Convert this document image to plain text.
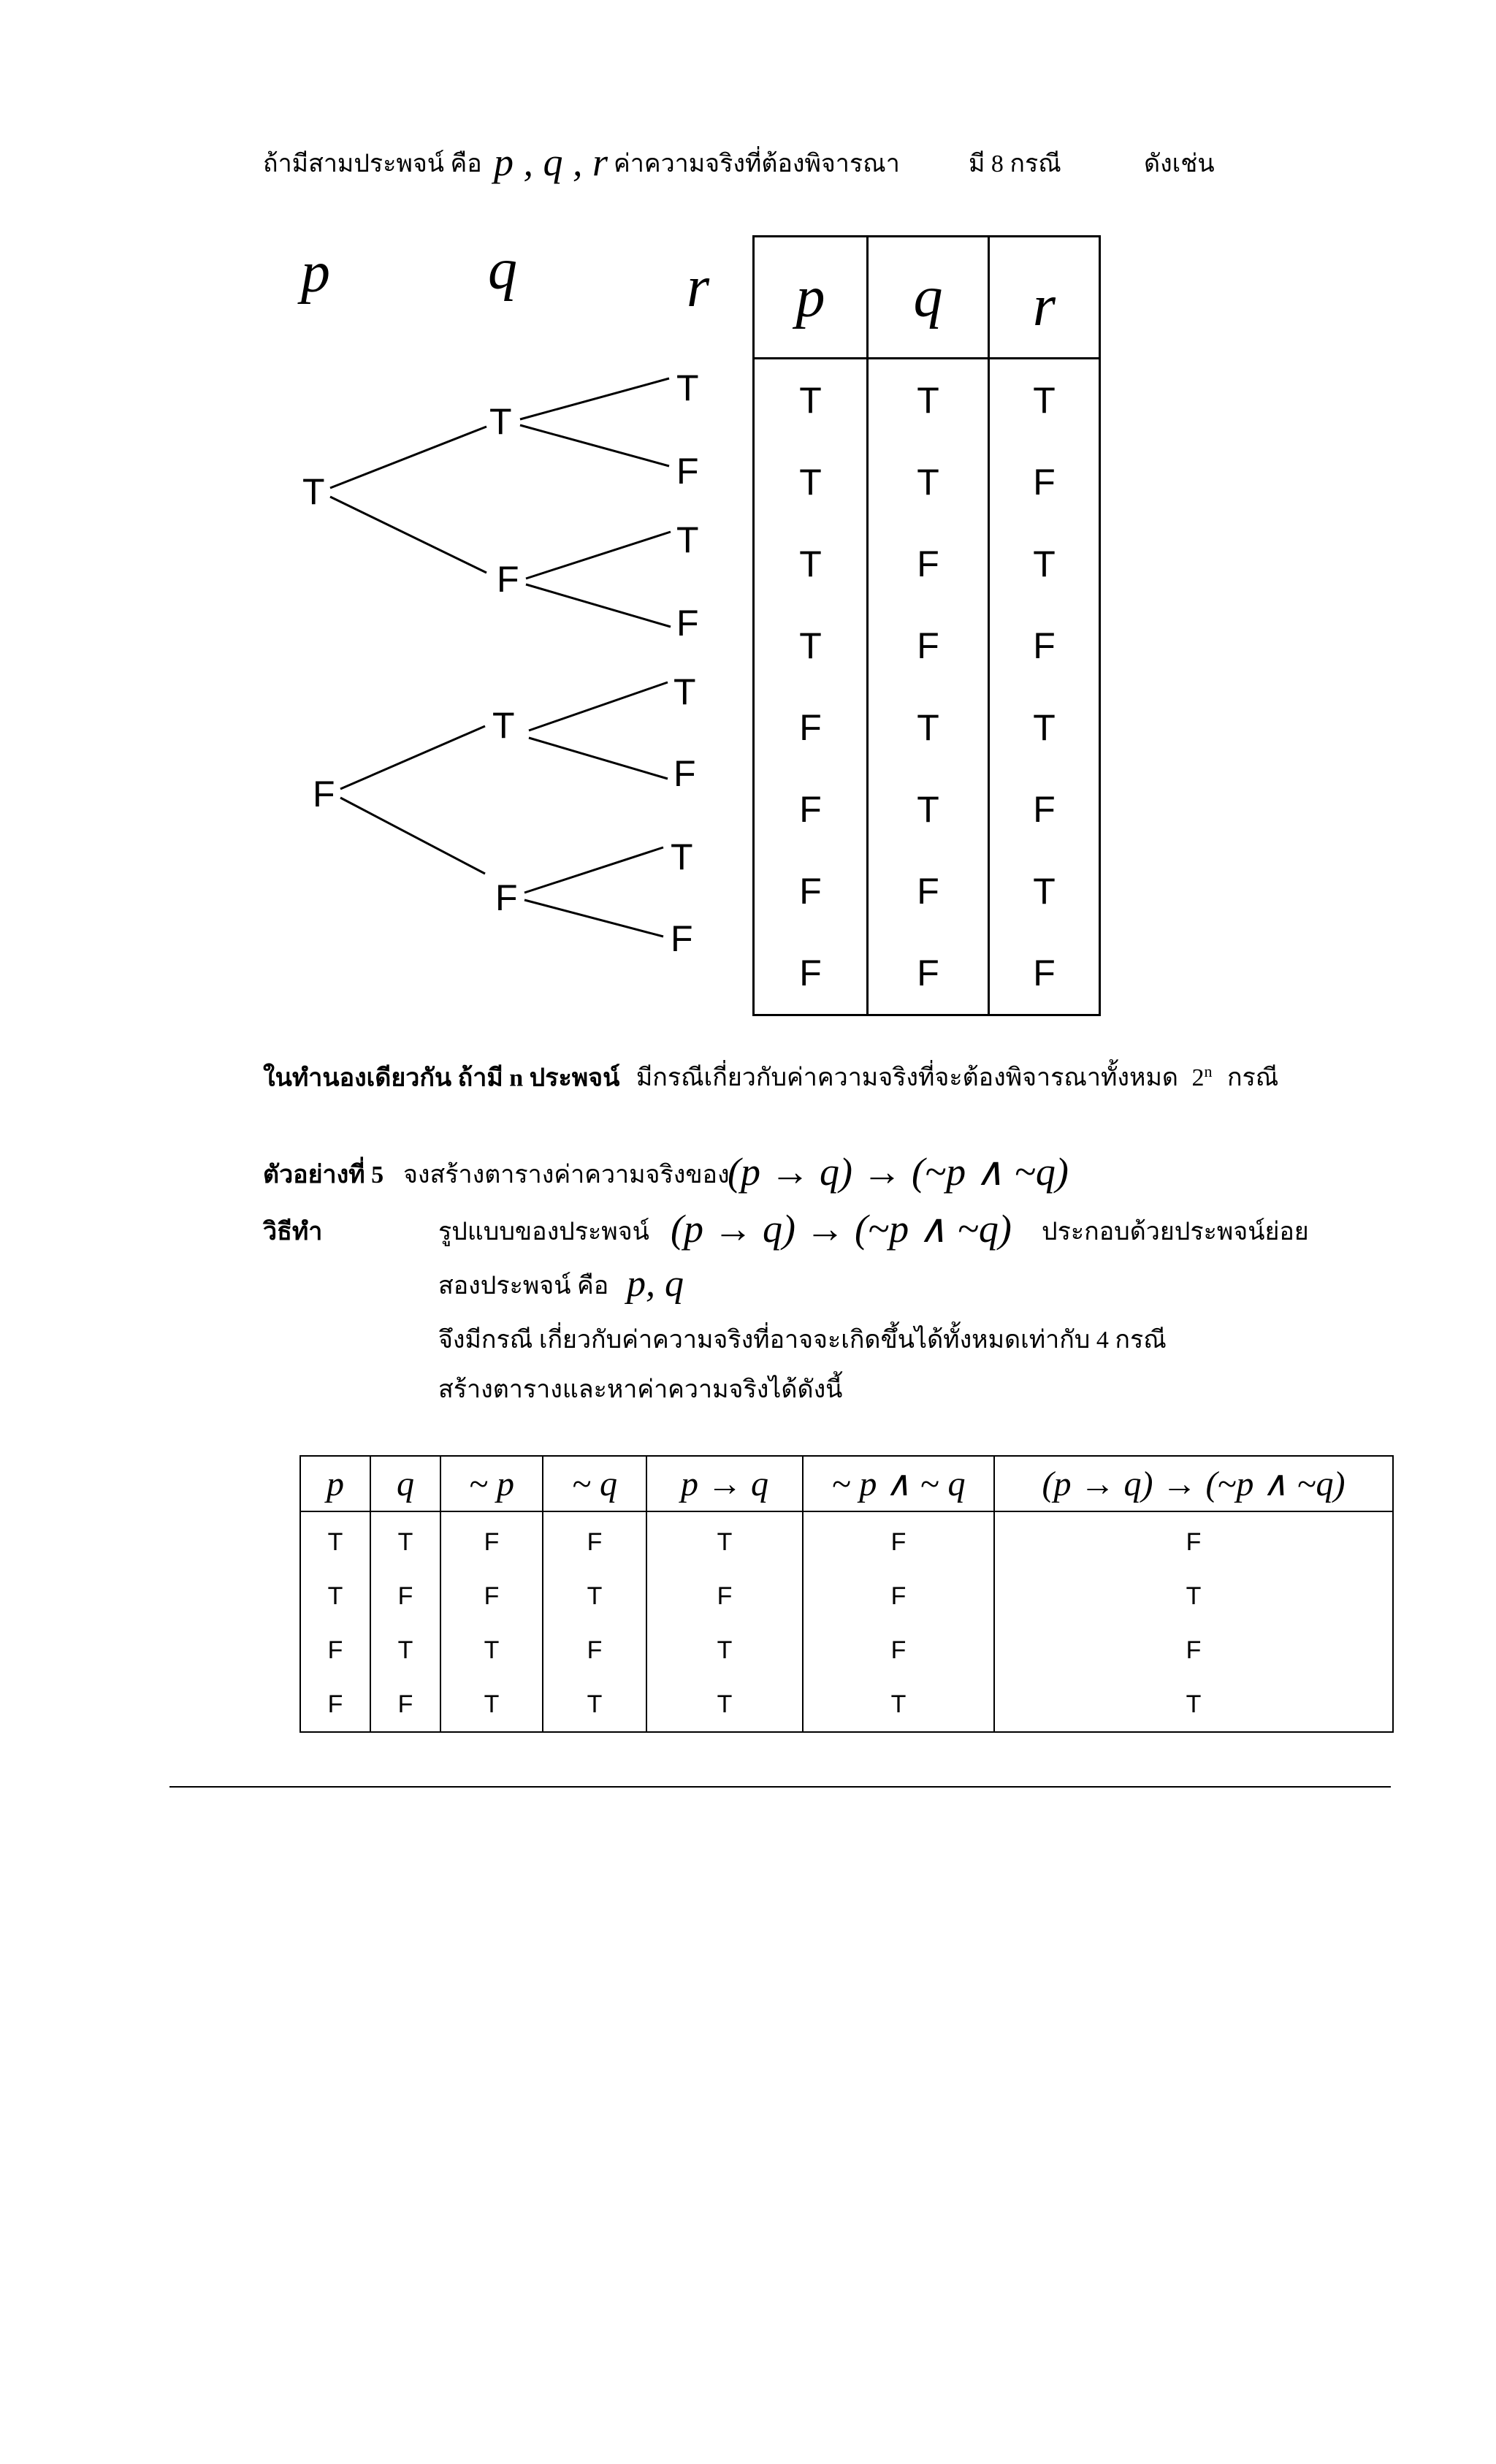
ถ้ามีสามประพจน์ คือ p , q , r ค่าความจริงที่ต้องพิจารณา	มี 8 กรณี	ดังเช่น
p	q	r
T
F
T
F
T
F
T
F
T
F
T
F
T
F
p	q	r
T	T	T
T	T	F
T	F	T
T	F	F
F	T	T
F	T	F
F	F	T
F	F	F
ในทำนองเดียวกัน ถ้ามี n ประพจน์ มีกรณีเกี่ยวกับค่าความจริงที่จะต้องพิจารณาทั้งหมด 2$^n$ กรณี
ตัวอย่างที่ 5 จงสร้างตารางค่าความจริงของ
(p → q) → (~p ∧ ~q)
วิธีทำ	รูปแบบของประพจน์ (p → q) → (~p ∧ ~q) ประกอบด้วยประพจน์ย่อย
สองประพจน์ คือ p, q
จึงมีกรณี เกี่ยวกับค่าความจริงที่อาจจะเกิดขึ้นได้ทั้งหมดเท่ากับ 4 กรณี
สร้างตารางและหาค่าความจริงได้ดังนี้
p	q	~ p	~ q	p → q	~ p ∧ ~ q	(p → q) → (~p ∧ ~q)
T	T	F	F	T	F	F
T	F	F	T	F	F	T
F	T	T	F	T	F	F
F	F	T	T	T	T	T
